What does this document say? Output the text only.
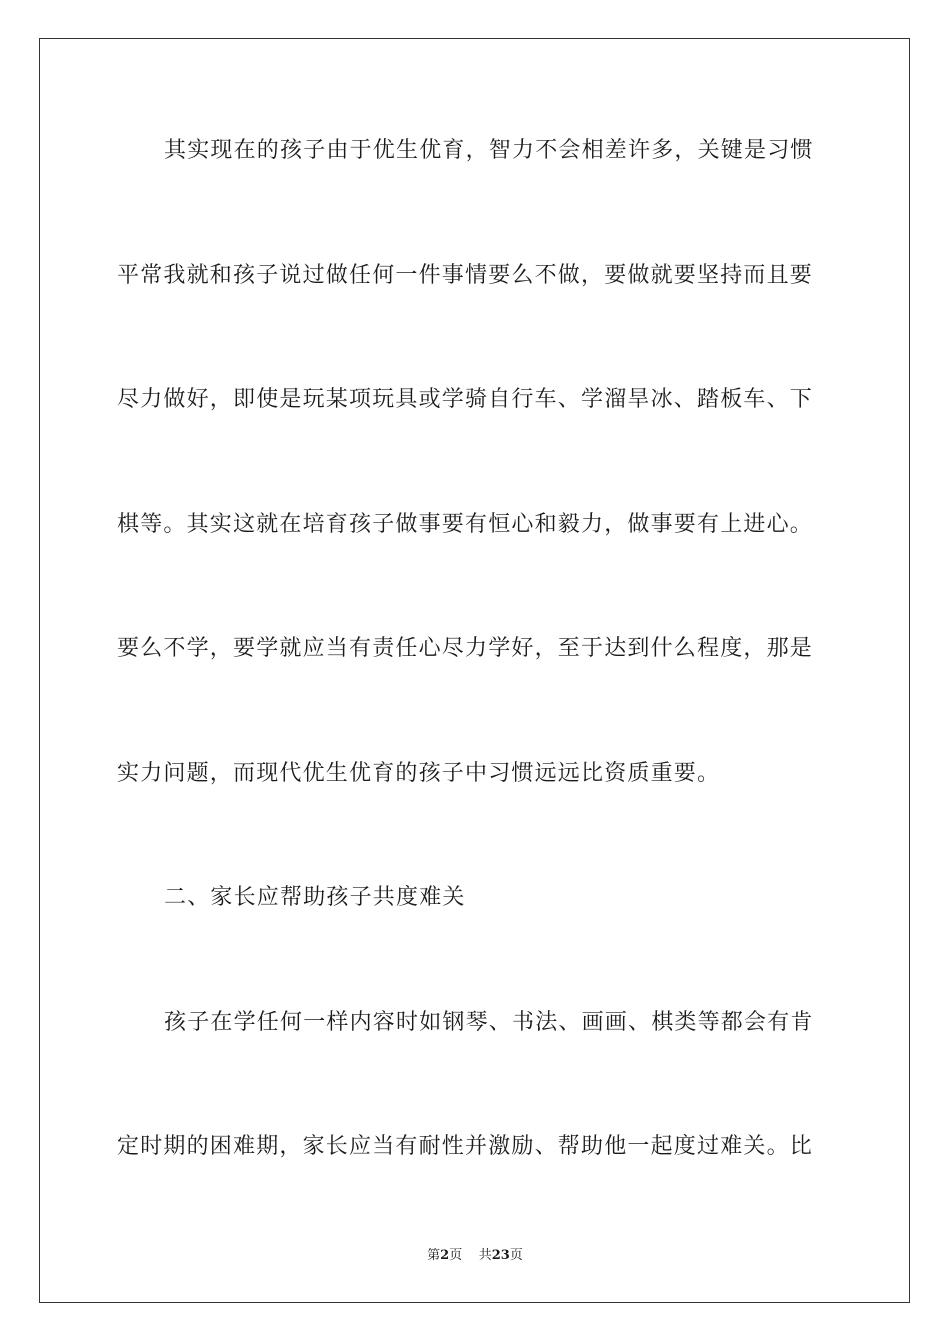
其实现在的孩子由于优生优育，智力不会相差许多，关键是习惯
平常我就和孩子说过做任何一件事情要么不做，要做就要坚持而且要
尽力做好，即使是玩某项玩具或学骑自行车、学溜旱冰、踏板车、下
棋等。其实这就在培育孩子做事要有恒心和毅力，做事要有上进心。
要么不学，要学就应当有责任心尽力学好，至于达到什么程度，那是
实力问题，而现代优生优育的孩子中习惯远远比资质重要。
二、家长应帮助孩子共度难关
孩子在学任何一样内容时如钢琴、书法、画画、棋类等都会有肯
定时期的困难期，家长应当有耐性并激励、帮助他一起度过难关。比
第2页 共23页
